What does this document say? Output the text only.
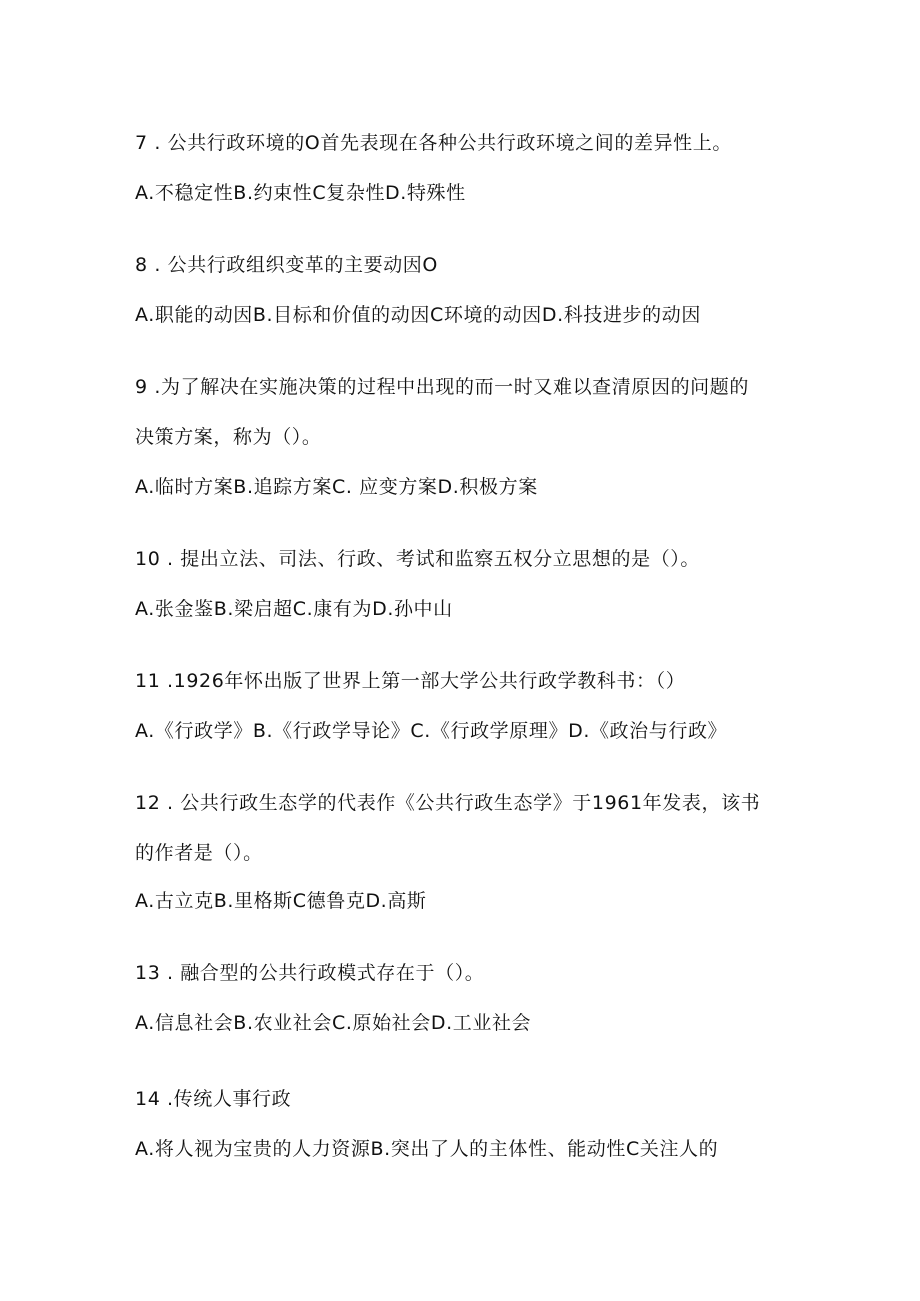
7 . 公共行政环境的O首先表现在各种公共行政环境之间的差异性上。
A.不稳定性B.约束性C复杂性D.特殊性
8 . 公共行政组织变革的主要动因O
A.职能的动因B.目标和价值的动因C环境的动因D.科技进步的动因
9 .为了解决在实施决策的过程中出现的而一时又难以查清原因的问题的
决策方案，称为（）。
A.临时方案B.追踪方案C. 应变方案D.积极方案
10 . 提出立法、司法、行政、考试和监察五权分立思想的是（）。
A.张金鉴B.梁启超C.康有为D.孙中山
11 .1926年怀出版了世界上第一部大学公共行政学教科书：（）
A.《行政学》B.《行政学导论》C.《行政学原理》D.《政治与行政》
12 . 公共行政生态学的代表作《公共行政生态学》于1961年发表，该书
的作者是（）。
A.古立克B.里格斯C德鲁克D.高斯
13 . 融合型的公共行政模式存在于（）。
A.信息社会B.农业社会C.原始社会D.工业社会
14 .传统人事行政
A.将人视为宝贵的人力资源B.突出了人的主体性、能动性C关注人的
